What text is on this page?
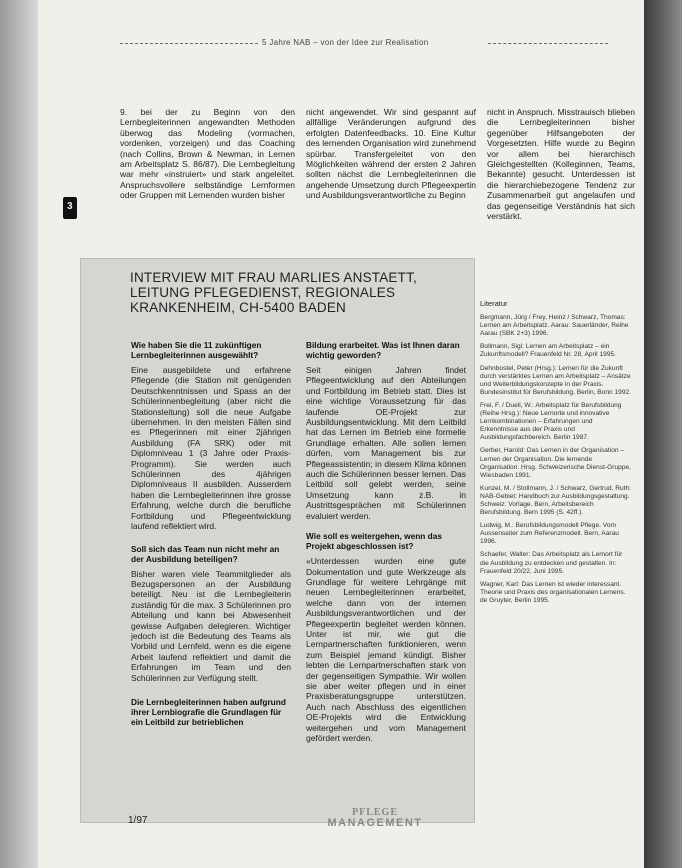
5 Jahre NAB – von der Idee zur Realisation
3
9. bei der zu Beginn von den Lernbegleiterinnen angewandten Methoden überwog das Modeling (vormachen, vordenken, vorzeigen) und das Coaching (nach Collins, Brown & Newman, in Lernen am Arbeitsplatz S. 86/87). Die Lernbegleitung war mehr «instruiert» und stark angeleitet. Anspruchsvollere selbständige Lernformen oder Gruppen mit Lernenden wurden bisher
nicht angewendet. Wir sind gespannt auf allfällige Veränderungen aufgrund des erfolgten Datenfeedbacks. 10. Eine Kultur des lernenden Organisation wird zunehmend spürbar. Transfergeleitet von den Möglichkeiten während der ersten 2 Jahren sollten nächst die Lernbegleiterinnen die angehende Umsetzung durch Pflegeexpertin und Ausbildungsverantwortliche zu Beginn
nicht in Anspruch. Misstrauisch blieben die Lernbegleiterinnen bisher gegenüber Hilfsangeboten der Vorgesetzten. Hilfe wurde zu Beginn vor allem bei hierarchisch Gleichgestellten (Kolleginnen, Teams, Bekannte) gesucht. Unterdessen ist die hierarchiebezogene Tendenz zur Zusammenarbeit gut angelaufen und das gegenseitige Verständnis hat sich verstärkt.
INTERVIEW MIT FRAU MARLIES ANSTAETT, LEITUNG PFLEGEDIENST, REGIONALES KRANKENHEIM, CH-5400 BADEN
Wie haben Sie die 11 zukünftigen Lernbegleiterinnen ausgewählt?
Eine ausgebildete und erfahrene Pflegende (die Station mit genügenden Deutschkenntnissen und Spass an der Schülerinnenbegleitung (aber nicht die Stationsleitung) soll die neue Aufgabe übernehmen. In den meisten Fällen sind es Pflegerinnen mit einer 2jährigen Ausbildung (FA SRK) oder mit Diplomniveau 1 (3 Jahre oder Praxis-Programm). Sie werden auch Schülerinnen des 4jährigen Diplomniveaus II ausbilden. Ausserdem haben die Lernbegleiterinnen ihre grosse Erfahrung, welche durch die berufliche Fortbildung und Pflegeentwicklung laufend reflektiert wird.
Soll sich das Team nun nicht mehr an der Ausbildung beteiligen?
Bisher waren viele Teammitglieder als Bezugspersonen an der Ausbildung beteiligt. Neu ist die Lernbegleiterin zuständig für die max. 3 Schülerinnen pro Abteilung und kann bei Abwesenheit gewisse Aufgaben delegieren. Wichtiger jedoch ist die Bedeutung des Teams als Vorbild und Lernfeld, wenn es die eigene Arbeit laufend reflektiert und damit die Erfahrungen im Team und den Schülerinnen zur Verfügung stellt.
Die Lernbegleiterinnen haben aufgrund ihrer Lernbiografie die Grundlagen für ein Leitbild zur betrieblichen
Bildung erarbeitet. Was ist Ihnen daran wichtig geworden?
Seit einigen Jahren findet Pflegeentwicklung auf den Abteilungen und Fortbildung im Betrieb statt. Dies ist eine wichtige Voraussetzung für das laufende OE-Projekt zur Ausbildungsentwicklung. Mit dem Leitbild hat das Lernen im Betrieb eine formelle Grundlage erhalten. Alle sollen lernen dürfen, vom Management bis zur Pflegeassistentin; in diesem Klima können auch die Schülerinnen besser lernen. Das Leitbild soll gelebt werden, seine Umsetzung kann z.B. in Austrittsgesprächen mit Schülerinnen evaluiert werden.
Wie soll es weitergehen, wenn das Projekt abgeschlossen ist?
«Unterdessen wurden eine gute Dokumentation und gute Werkzeuge als Grundlage für weitere Lehrgänge mit neuen Lernbegleiterinnen erarbeitet, welche dann von der internen Ausbildungsverantwortlichen und der Pflegeexpertin begleitet werden können. Unter ist mir, wie gut die Lernpartnerschaften funktionieren, wenn zum Beispiel jemand kündigt. Bisher lebten die Lernpartnerschaften stark von der gegenseitigen Sympathie. Wir wollen sie aber weiter pflegen und in einer Praxisberatungsgruppe unterstützen. Auch nach Abschluss des eigentlichen OE-Projekts wird die Entwicklung weitergehen und vom Management gefördert werden.
Literatur
Bergmann, Jürg / Frey, Heinz / Schwarz, Thomas: Lernen am Arbeitsplatz. Aarau: Sauerländer, Reihe Aarau (SBK 2+3) 1996.
Bollmann, Sigi: Lernen am Arbeitsplatz – ein Zukunftsmodell? Frauenfeld Nr. 28, April 1995.
Dehnbostel, Peter (Hrsg.): Lernen für die Zukunft durch verstärktes Lernen am Arbeitsplatz – Ansätze und Weiterbildungskonzepte in der Praxis. Bundesinstitut für Berufsbildung, Berlin, Bonn 1992.
Frei, F. / Duell, W.: Arbeitsplatz für Berufsbildung (Reihe Hrsg.): Neue Lernorte und innovative Lernkombinationen – Erfahrungen und Erkenntnisse aus der Praxis und Ausbildungsfachbereich. Berlin 1987.
Gerber, Harold: Das Lernen in der Organisation – Lernen der Organisation. Die lernende Organisation. Hrsg. Schweizerische Dienst-Gruppe, Wiesbaden 1991.
Kunzel, M. / Stollmann, J. / Schwarz, Gertrud, Ruth: NAB-Gebiet: Handbuch zur Ausbildungsgestaltung. Schweiz: Vorlage, Bern, Arbeitsbereich Berufsbildung. Bern 1995 (S. 42ff.).
Ludwig, M.: Berufsbildungsmodell Pflege. Vom Aussenseiter zum Referenzmodell. Bern, Aarau 1996.
Schaefer, Walter: Das Arbeitsplatz als Lernort für die Ausbildung zu entdecken und gestalten. In: Frauenfeld 20/22, Juni 1995.
Wagner, Karl: Das Lernen ist wieder interessant. Theorie und Praxis des organisationalen Lernens. de Gruyter, Berlin 1995.
1/97
PFLEGE
MANAGEMENT
